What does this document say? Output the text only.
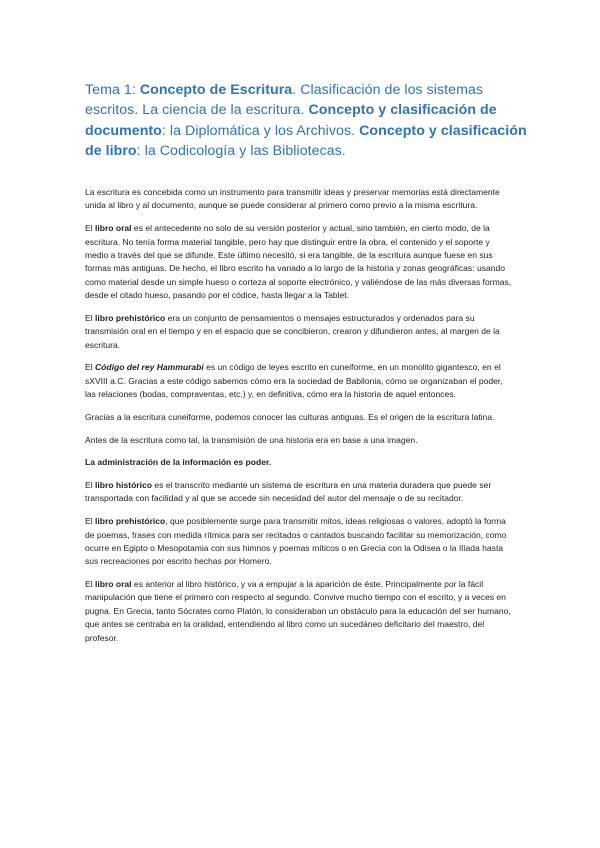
Tema 1: Concepto de Escritura. Clasificación de los sistemas escritos. La ciencia de la escritura. Concepto y clasificación de documento: la Diplomática y los Archivos. Concepto y clasificación de libro: la Codicología y las Bibliotecas.

La escritura es concebida como un instrumento para transmitir ideas y preservar memorias está directamente unida al libro y al documento, aunque se puede considerar al primero como previo a la misma escritura.

El libro oral es el antecedente no solo de su versión posterior y actual, sino también, en cierto modo, de la escritura. No tenía forma material tangible, pero hay que distinguir entre la obra, el contenido y el soporte y medio a través del que se difunde. Este último necesitó, si era tangible, de la escritura aunque fuese en sus formas más antiguas. De hecho, el libro escrito ha variado a lo largo de la historia y zonas geográficas: usando como material desde un simple hueso o corteza al soporte electrónico, y valiéndose de las más diversas formas, desde el citado hueso, pasando por el códice, hasta llegar a la Tablet.

El libro prehistórico era un conjunto de pensamientos o mensajes estructurados y ordenados para su transmisión oral en el tiempo y en el espacio que se concibieron, crearon y difundieron antes, al margen de la escritura.

El Código del rey Hammurabi es un código de leyes escrito en cuneiforme, en un monolito gigantesco, en el sXVIII a.C. Gracias a este código sabemos cómo era la sociedad de Babilonia, cómo se organizaban el poder, las relaciones (bodas, compraventas, etc.) y, en definitiva, cómo era la historia de aquel entonces.

Gracias a la escritura cuneiforme, podemos conocer las culturas antiguas. Es el origen de la escritura latina.

Antes de la escritura como tal, la transmisión de una historia era en base a una imagen.

La administración de la información es poder.

El libro histórico es el transcrito mediante un sistema de escritura en una materia duradera que puede ser transportada con facilidad y al que se accede sin necesidad del autor del mensaje o de su recitador.

El libro prehistórico, que posiblemente surge para transmitir mitos, ideas religiosas o valores, adoptó la forma de poemas, frases con medida rítmica para ser recitados o cantados buscando facilitar su memorización, como ocurre en Egipto o Mesopotamia con sus himnos y poemas míticos o en Grecia con la Odisea o la Ilíada hasta sus recreaciones por escrito hechas por Homero.

El libro oral es anterior al libro histórico, y va a empujar a la aparición de éste. Principalmente por la fácil manipulación que tiene el primero con respecto al segundo. Convive mucho tiempo con el escrito, y a veces en pugna. En Grecia, tanto Sócrates como Platón, lo consideraban un obstáculo para la educación del ser humano, que antes se centraba en la oralidad, entendiendo al libro como un sucedáneo deficitario del maestro, del profesor.
